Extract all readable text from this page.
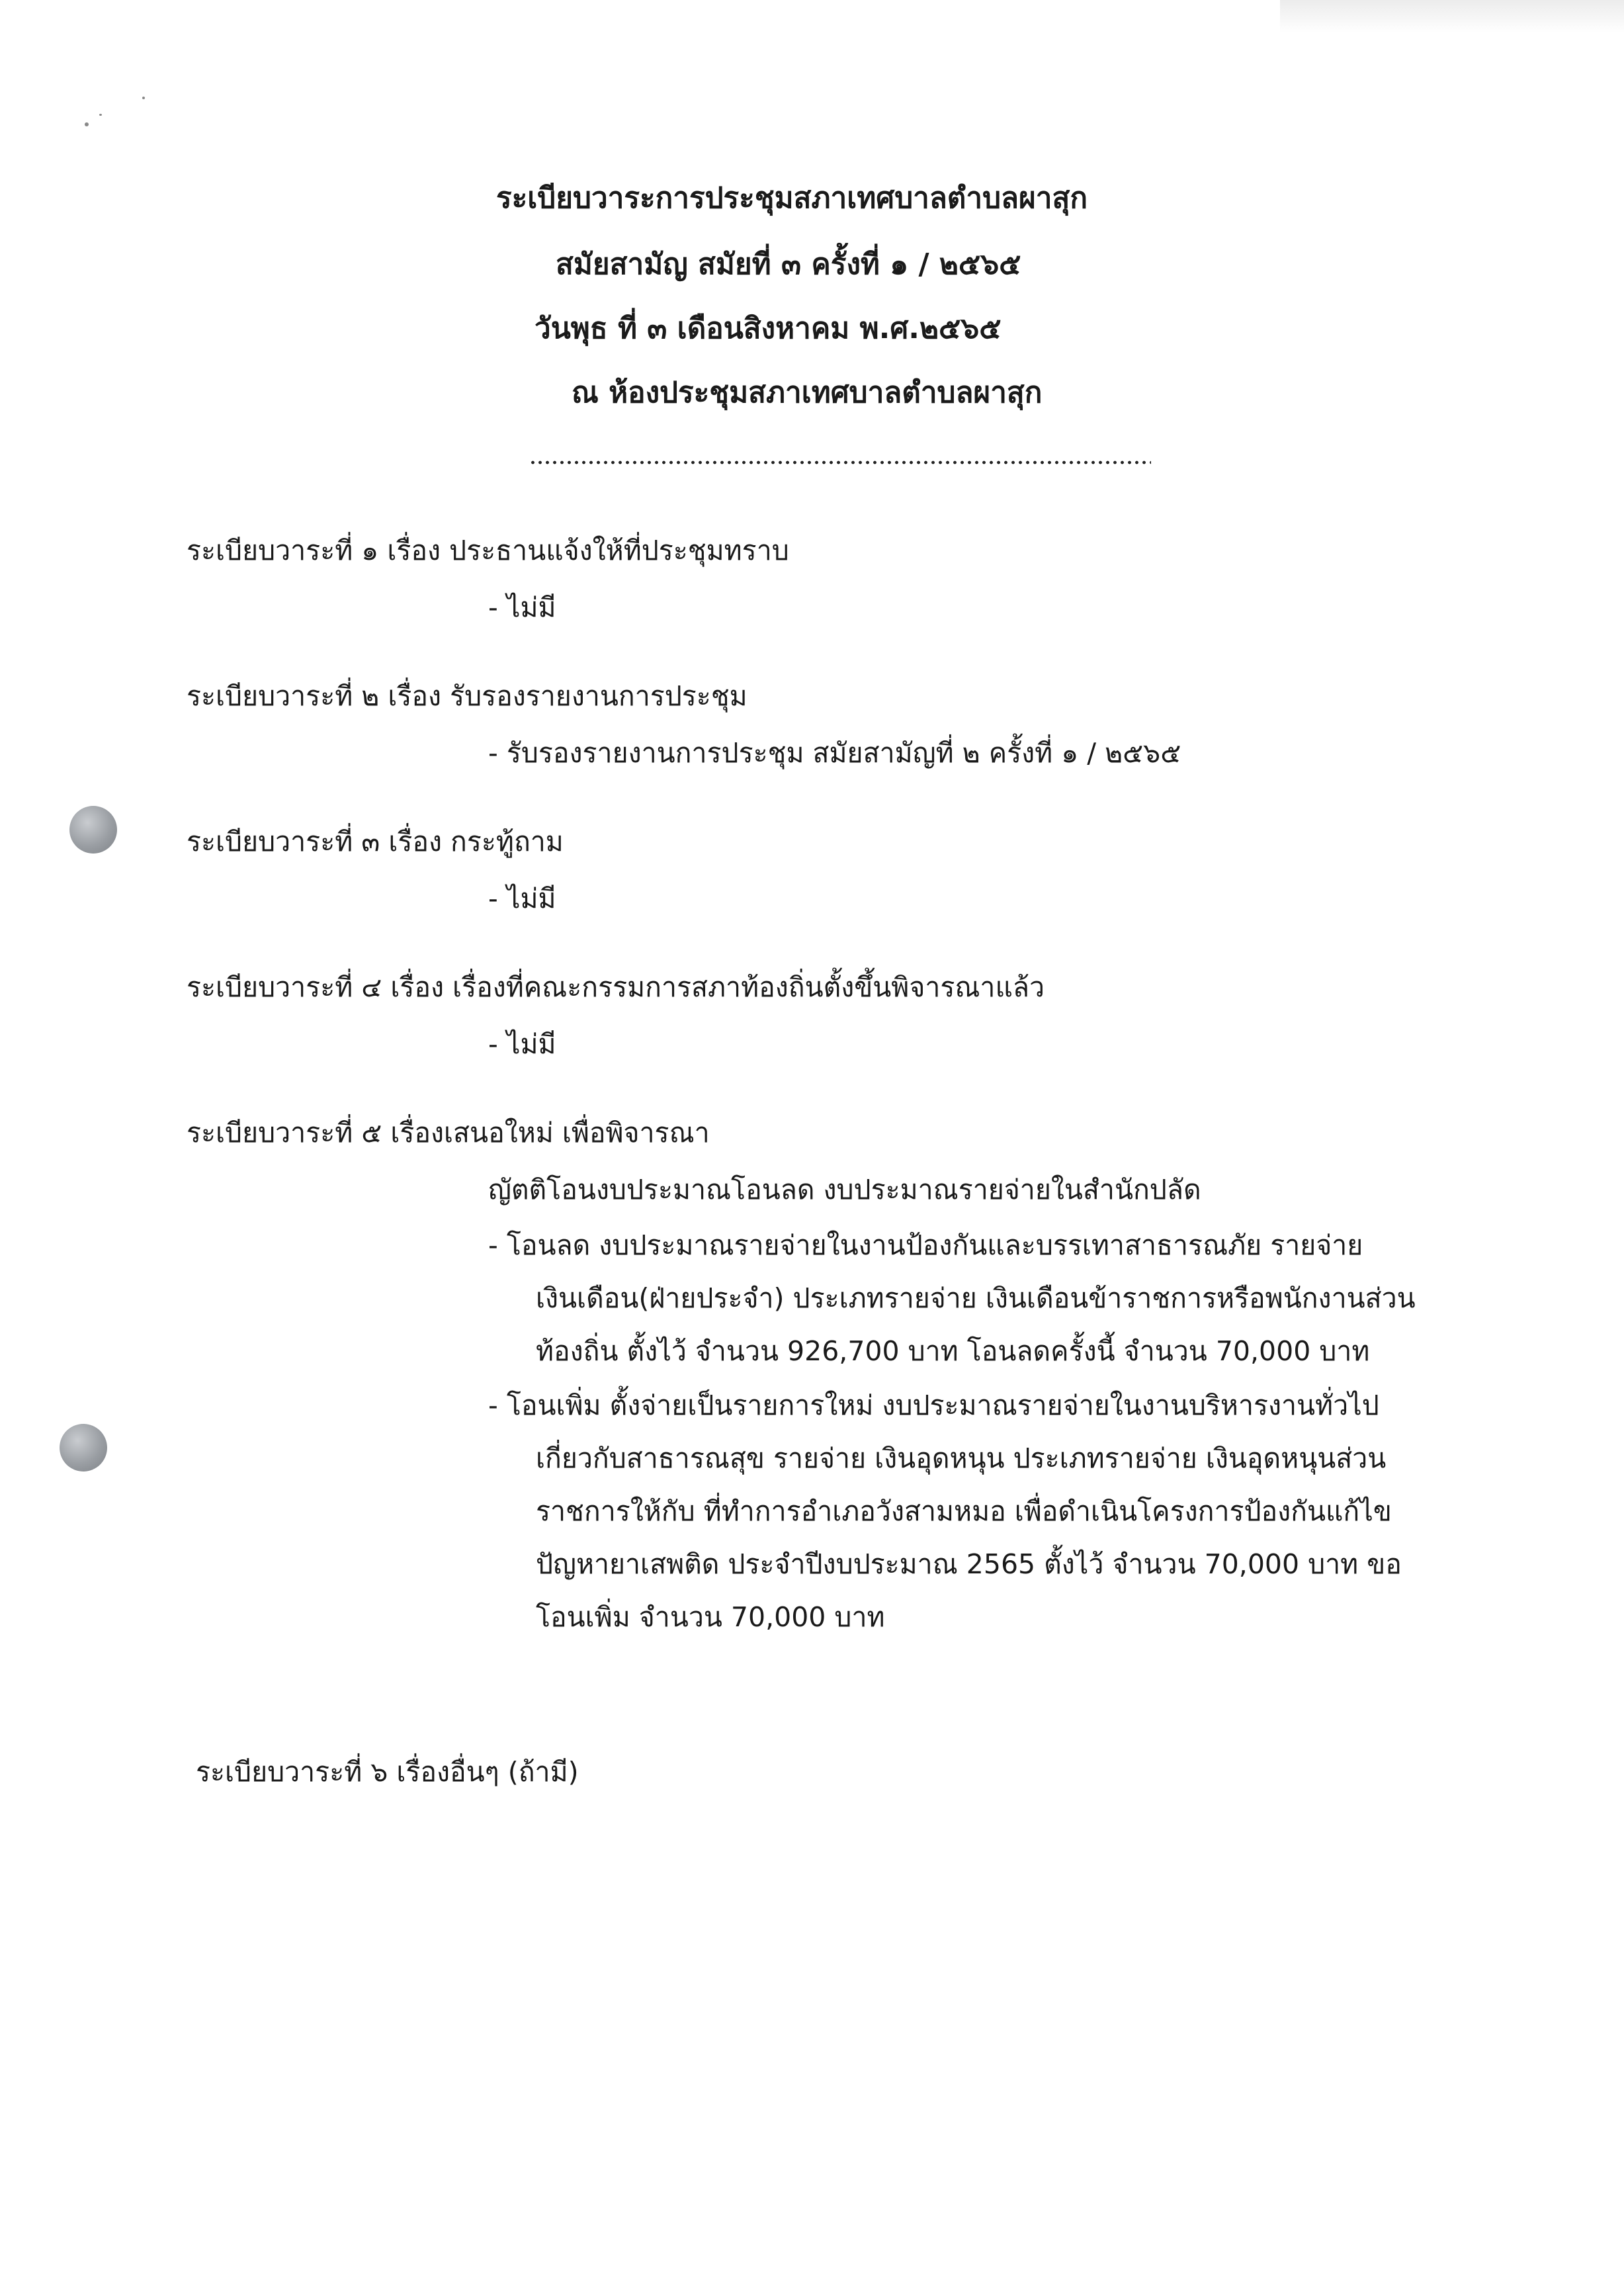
ระเบียบวาระการประชุมสภาเทศบาลตำบลผาสุก
สมัยสามัญ สมัยที่ ๓ ครั้งที่ ๑ / ๒๕๖๕
วันพุธ ที่ ๓ เดือนสิงหาคม พ.ศ.๒๕๖๕
ณ ห้องประชุมสภาเทศบาลตำบลผาสุก
ระเบียบวาระที่ ๑ เรื่อง ประธานแจ้งให้ที่ประชุมทราบ
- ไม่มี
ระเบียบวาระที่ ๒ เรื่อง รับรองรายงานการประชุม
- รับรองรายงานการประชุม สมัยสามัญที่ ๒ ครั้งที่ ๑ / ๒๕๖๕
ระเบียบวาระที่ ๓ เรื่อง กระทู้ถาม
- ไม่มี
ระเบียบวาระที่ ๔ เรื่อง เรื่องที่คณะกรรมการสภาท้องถิ่นตั้งขึ้นพิจารณาแล้ว
- ไม่มี
ระเบียบวาระที่ ๕ เรื่องเสนอใหม่ เพื่อพิจารณา
ญัตติโอนงบประมาณโอนลด งบประมาณรายจ่ายในสำนักปลัด
- โอนลด งบประมาณรายจ่ายในงานป้องกันและบรรเทาสาธารณภัย รายจ่าย
เงินเดือน(ฝ่ายประจำ) ประเภทรายจ่าย เงินเดือนข้าราชการหรือพนักงานส่วน
ท้องถิ่น ตั้งไว้ จำนวน 926,700 บาท โอนลดครั้งนี้ จำนวน 70,000 บาท
- โอนเพิ่ม ตั้งจ่ายเป็นรายการใหม่ งบประมาณรายจ่ายในงานบริหารงานทั่วไป
เกี่ยวกับสาธารณสุข รายจ่าย เงินอุดหนุน ประเภทรายจ่าย เงินอุดหนุนส่วน
ราชการให้กับ ที่ทำการอำเภอวังสามหมอ เพื่อดำเนินโครงการป้องกันแก้ไข
ปัญหายาเสพติด ประจำปีงบประมาณ 2565 ตั้งไว้ จำนวน 70,000 บาท ขอ
โอนเพิ่ม จำนวน 70,000 บาท
ระเบียบวาระที่ ๖ เรื่องอื่นๆ (ถ้ามี)
